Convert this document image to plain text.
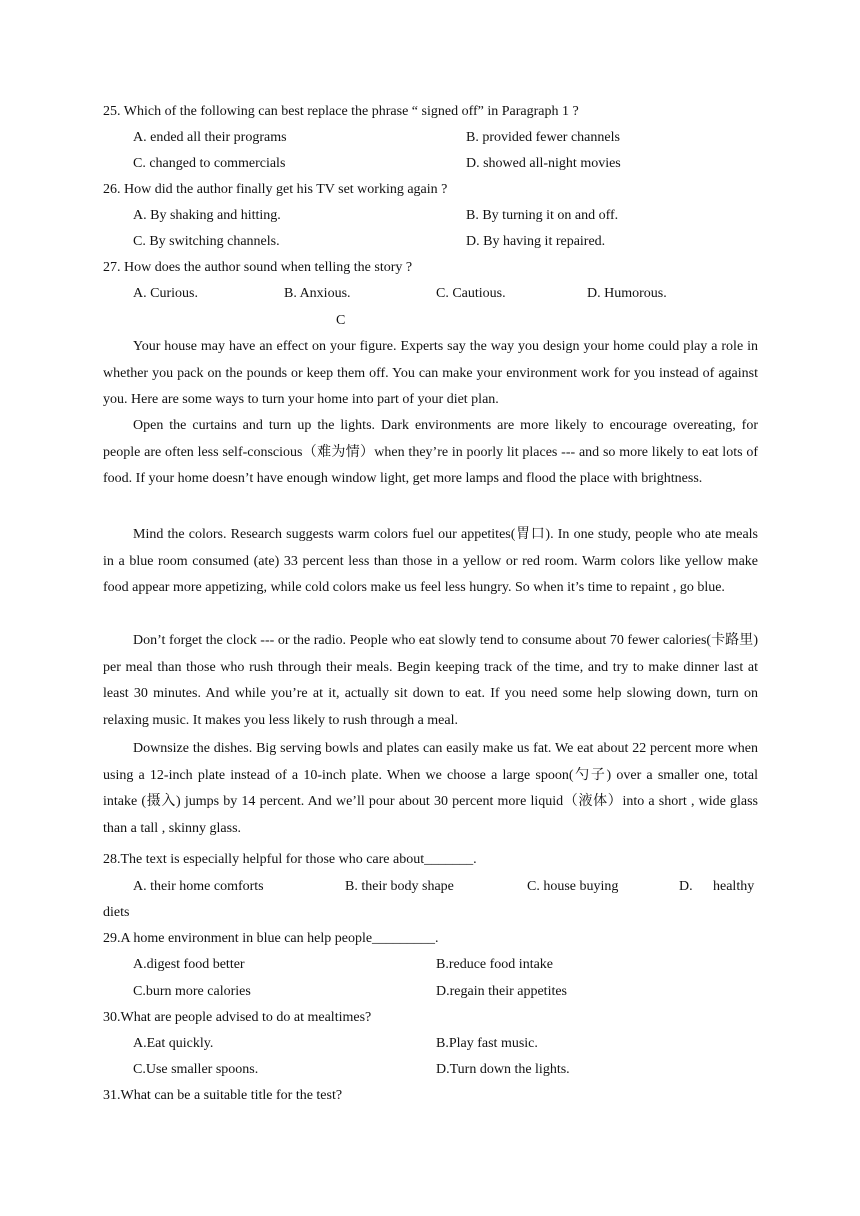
25. Which of the following can best replace the phrase “ signed off” in Paragraph 1 ?
A. ended all their programs	B. provided fewer channels
C. changed to commercials	D. showed all-night movies
26. How did the author finally get his TV set working again ?
A. By shaking and hitting.	B. By turning it on and off.
C. By switching channels.	D. By having it repaired.
27. How does the author sound when telling the story ?
A. Curious.	B. Anxious.	C. Cautious.	D. Humorous.
C
Your house may have an effect on your figure. Experts say the way you design your home could play a role in whether you pack on the pounds or keep them off. You can make your environment work for you instead of against you. Here are some ways to turn your home into part of your diet plan.
Open the curtains and turn up the lights. Dark environments are more likely to encourage overeating, for people are often less self-conscious（难为情）when they’re in poorly lit places --- and so more likely to eat lots of food. If your home doesn’t have enough window light, get more lamps and flood the place with brightness.
Mind the colors. Research suggests warm colors fuel our appetites(胃口). In one study, people who ate meals in a blue room consumed (ate) 33 percent less than those in a yellow or red room. Warm colors like yellow make food appear more appetizing, while cold colors make us feel less hungry. So when it’s time to repaint , go blue.
Don’t forget the clock --- or the radio. People who eat slowly tend to consume about 70 fewer calories(卡路里) per meal than those who rush through their meals. Begin keeping track of the time, and try to make dinner last at least 30 minutes. And while you’re at it, actually sit down to eat. If you need some help slowing down, turn on relaxing music. It makes you less likely to rush through a meal.
Downsize the dishes. Big serving bowls and plates can easily make us fat. We eat about 22 percent more when using a 12-inch plate instead of a 10-inch plate. When we choose a large spoon(勺子) over a smaller one, total intake (摄入) jumps by 14 percent. And we’ll pour about 30 percent more liquid（液体）into a short , wide glass than a tall , skinny glass.
28.The text is especially helpful for those who care about_______.
A. their home comforts	B. their body shape	C. house buying	D. healthy
diets
29.A home environment in blue can help people_________.
A.digest food better	B.reduce food intake
C.burn more calories	D.regain their appetites
30.What are people advised to do at mealtimes?
A.Eat quickly.	B.Play fast music.
C.Use smaller spoons.	D.Turn down the lights.
31.What can be a suitable title for the test?
